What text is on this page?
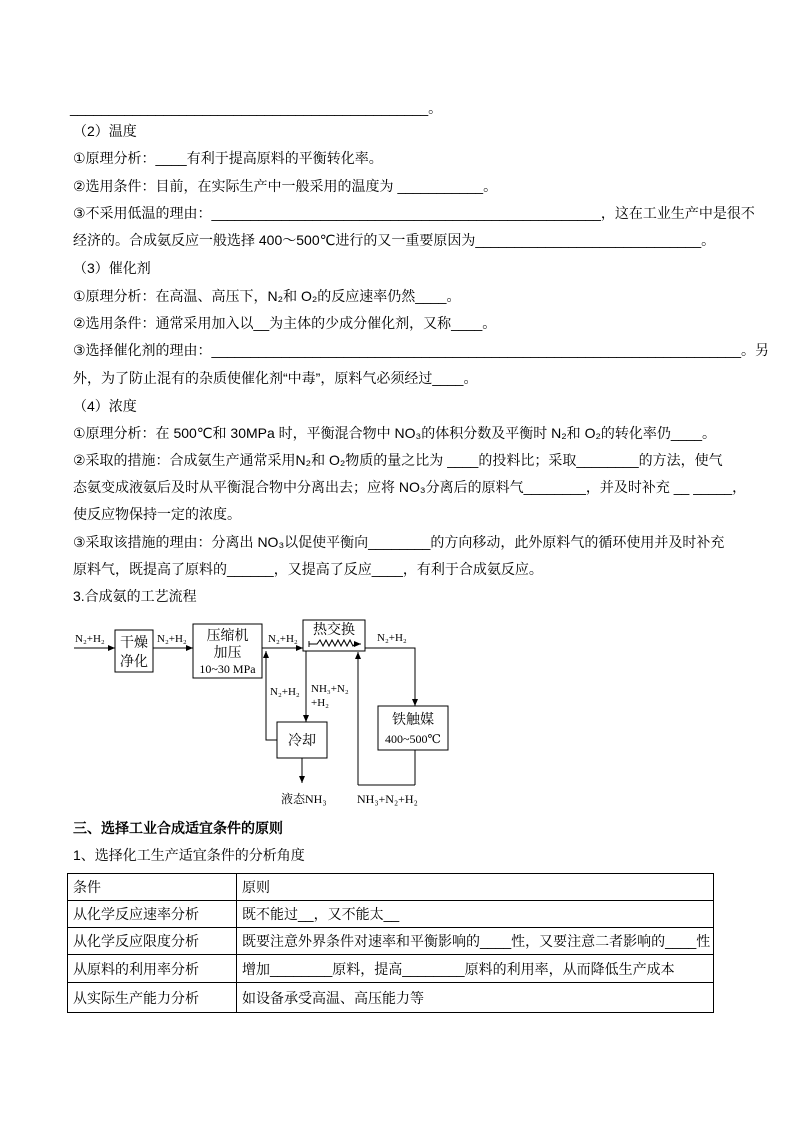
______________________________________________。
（2）温度
①原理分析：____有利于提高原料的平衡转化率。
②选用条件：目前，在实际生产中一般采用的温度为 ___________。
③不采用低温的理由：__________________________________________________，这在工业生产中是很不
经济的。合成氨反应一般选择 400～500℃进行的又一重要原因为_____________________________。
（3）催化剂
①原理分析：在高温、高压下，N₂和 O₂的反应速率仍然____。
②选用条件：通常采用加入以__为主体的少成分催化剂，又称____。
③选择催化剂的理由：____________________________________________________________________。另
外，为了防止混有的杂质使催化剂“中毒”，原料气必须经过____。
（4）浓度
①原理分析：在 500℃和 30MPa 时，平衡混合物中 NO₃的体积分数及平衡时 N₂和 O₂的转化率仍____。
②采取的措施：合成氨生产通常采用N₂和 O₂物质的量之比为 ____的投料比；采取________的方法，使气
态氨变成液氨后及时从平衡混合物中分离出去；应将 NO₃分离后的原料气________，并及时补充 __ _____，
使反应物保持一定的浓度。
③采取该措施的理由：分离出 NO₃以促使平衡向________的方向移动，此外原料气的循环使用并及时补充
原料气，既提高了原料的______，又提高了反应____，有利于合成氨反应。
3.合成氨的工艺流程
N₂+H₂ 干燥
净化
N₂+H₂ 压缩机
加压
10~30 MPa
N₂+H₂
热交换 N₂+H₂
铁触媒
400~500℃
NH₃+N₂+H₂
NH₃+N₂
+H₂
冷却
N₂+H₂
液态NH₃
三、选择工业合成适宜条件的原则
1、选择化工生产适宜条件的分析角度
条件	原则
从化学反应速率分析	既不能过__，又不能太__
从化学反应限度分析	既要注意外界条件对速率和平衡影响的____性，又要注意二者影响的____性
从原料的利用率分析	增加________原料，提高________原料的利用率，从而降低生产成本
从实际生产能力分析	如设备承受高温、高压能力等
